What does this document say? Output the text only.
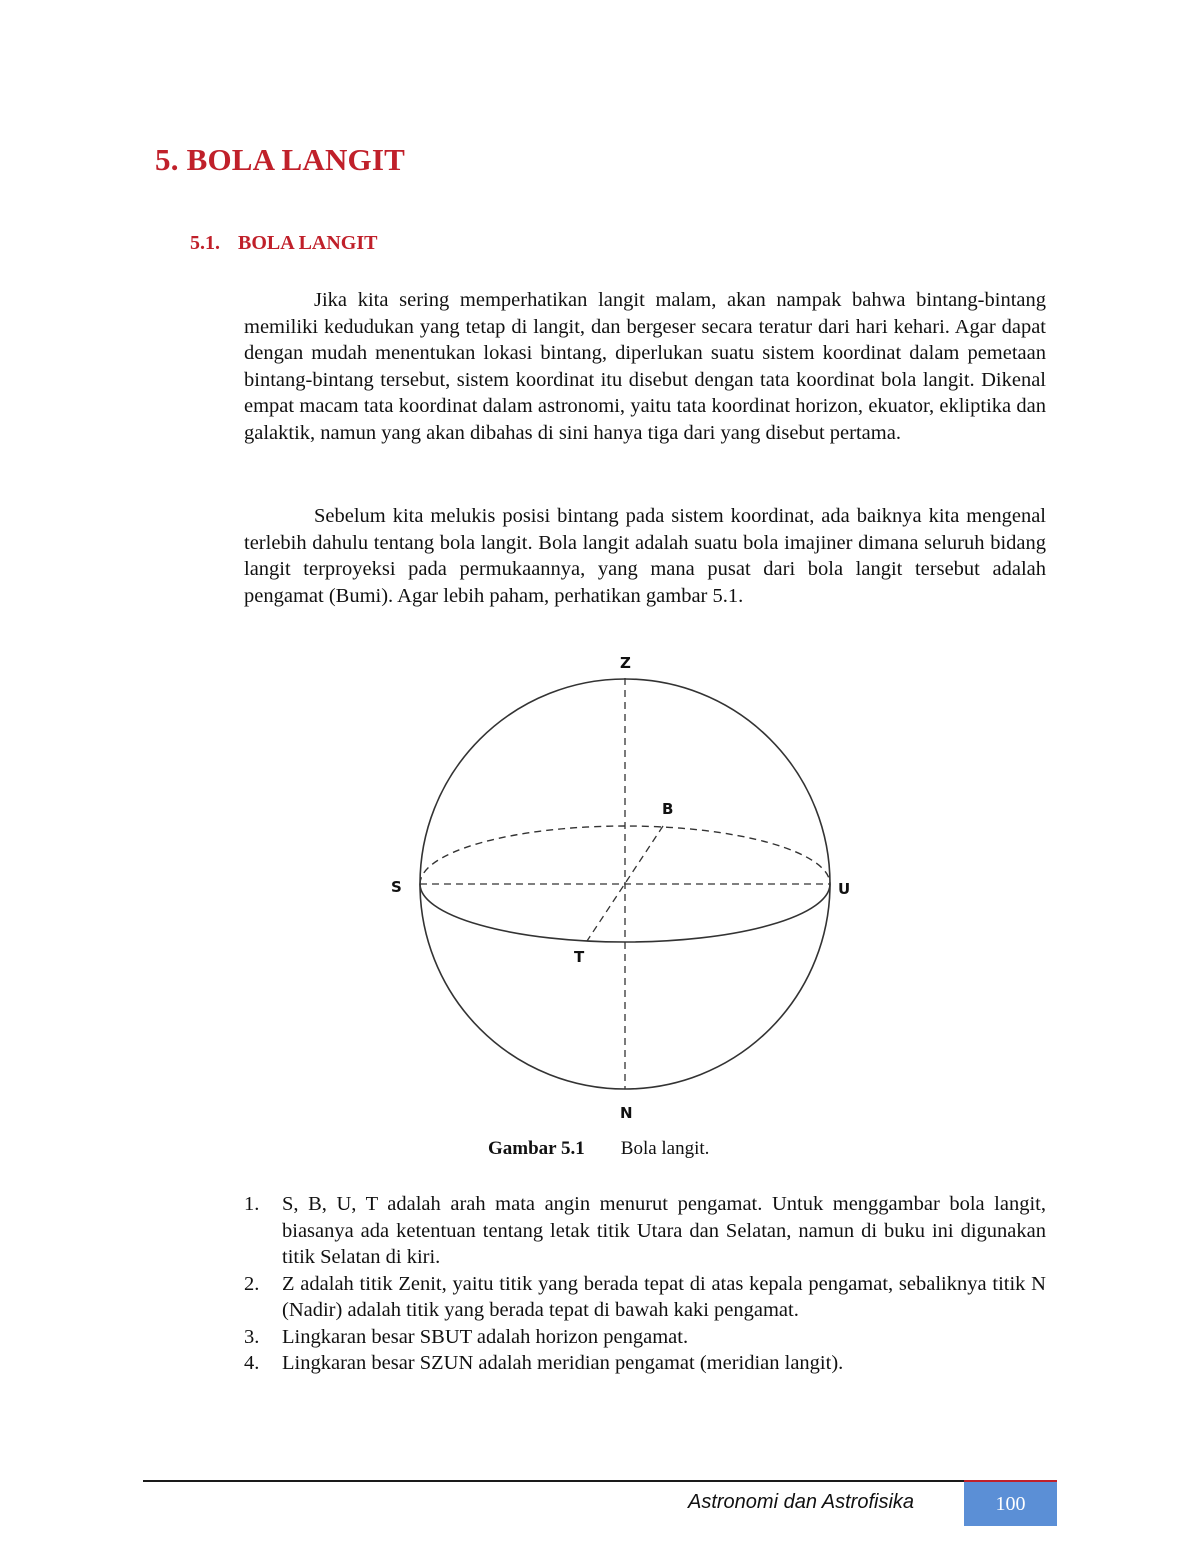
5. BOLA LANGIT
5.1. BOLA LANGIT

Jika kita sering memperhatikan langit malam, akan nampak bahwa bintang-bintang memiliki kedudukan yang tetap di langit, dan bergeser secara teratur dari hari kehari. Agar dapat dengan mudah menentukan lokasi bintang, diperlukan suatu sistem koordinat dalam pemetaan bintang-bintang tersebut, sistem koordinat itu disebut dengan tata koordinat bola langit. Dikenal empat macam tata koordinat dalam astronomi, yaitu tata koordinat horizon, ekuator, ekliptika dan galaktik, namun yang akan dibahas di sini hanya tiga dari yang disebut pertama.

Sebelum kita melukis posisi bintang pada sistem koordinat, ada baiknya kita mengenal terlebih dahulu tentang bola langit. Bola langit adalah suatu bola imajiner dimana seluruh bidang langit terproyeksi pada permukaannya, yang mana pusat dari bola langit tersebut adalah pengamat (Bumi). Agar lebih paham, perhatikan gambar 5.1.

Z
N
S	U
B
T
Gambar 5.1 Bola langit.
1.	S, B, U, T adalah arah mata angin menurut pengamat. Untuk menggambar bola langit, biasanya ada ketentuan tentang letak titik Utara dan Selatan, namun di buku ini digunakan titik Selatan di kiri.
2.	Z adalah titik Zenit, yaitu titik yang berada tepat di atas kepala pengamat, sebaliknya titik N (Nadir) adalah titik yang berada tepat di bawah kaki pengamat.
3.	Lingkaran besar SBUT adalah horizon pengamat.
4.	Lingkaran besar SZUN adalah meridian pengamat (meridian langit).
Astronomi dan Astrofisika	100
